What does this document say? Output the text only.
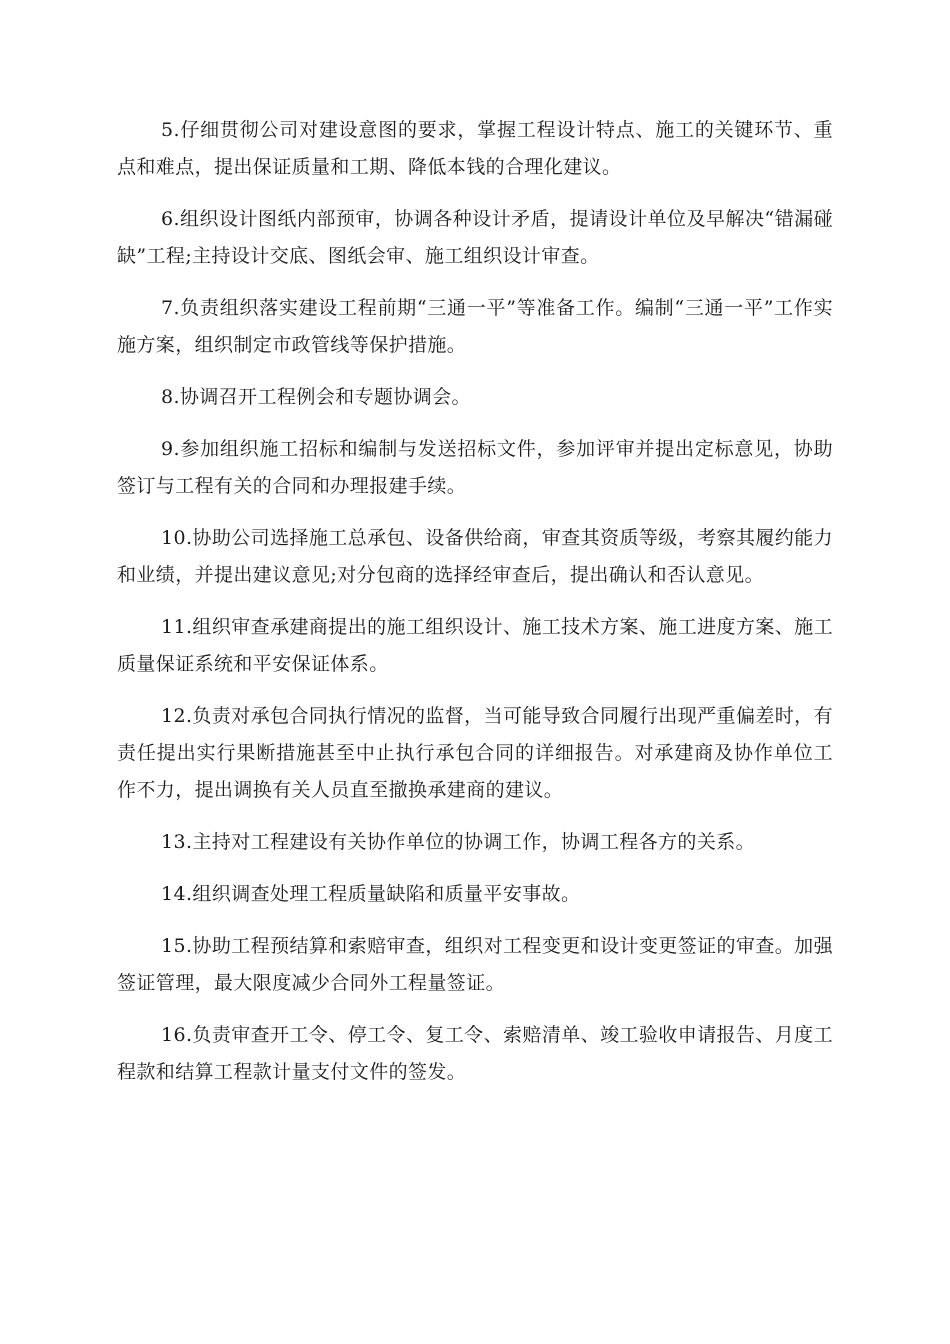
5.仔细贯彻公司对建设意图的要求，掌握工程设计特点、施工的关键环节、重点和难点，提出保证质量和工期、降低本钱的合理化建议。

6.组织设计图纸内部预审，协调各种设计矛盾，提请设计单位及早解决“错漏碰缺”工程;主持设计交底、图纸会审、施工组织设计审查。

7.负责组织落实建设工程前期“三通一平”等准备工作。编制“三通一平”工作实施方案，组织制定市政管线等保护措施。

8.协调召开工程例会和专题协调会。

9.参加组织施工招标和编制与发送招标文件，参加评审并提出定标意见，协助签订与工程有关的合同和办理报建手续。

10.协助公司选择施工总承包、设备供给商，审查其资质等级，考察其履约能力和业绩，并提出建议意见;对分包商的选择经审查后，提出确认和否认意见。

11.组织审查承建商提出的施工组织设计、施工技术方案、施工进度方案、施工质量保证系统和平安保证体系。

12.负责对承包合同执行情况的监督，当可能导致合同履行出现严重偏差时，有责任提出实行果断措施甚至中止执行承包合同的详细报告。对承建商及协作单位工作不力，提出调换有关人员直至撤换承建商的建议。

13.主持对工程建设有关协作单位的协调工作，协调工程各方的关系。

14.组织调查处理工程质量缺陷和质量平安事故。

15.协助工程预结算和索赔审查，组织对工程变更和设计变更签证的审查。加强签证管理，最大限度减少合同外工程量签证。

16.负责审查开工令、停工令、复工令、索赔清单、竣工验收申请报告、月度工程款和结算工程款计量支付文件的签发。
